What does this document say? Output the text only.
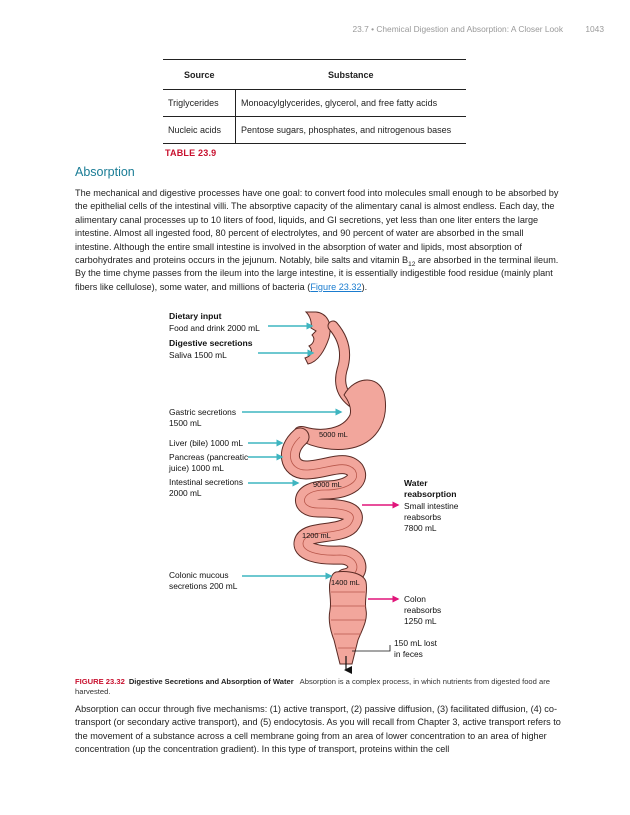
23.7 • Chemical Digestion and Absorption: A Closer Look	1043
Source	Substance
Triglycerides	Monoacylglycerides, glycerol, and free fatty acids
Nucleic acids	Pentose sugars, phosphates, and nitrogenous bases
TABLE 23.9
Absorption

The mechanical and digestive processes have one goal: to convert food into molecules small enough to be absorbed by the epithelial cells of the intestinal villi. The absorptive capacity of the alimentary canal is almost endless. Each day, the alimentary canal processes up to 10 liters of food, liquids, and GI secretions, yet less than one liter enters the large intestine. Almost all ingested food, 80 percent of electrolytes, and 90 percent of water are absorbed in the small intestine. Although the entire small intestine is involved in the absorption of water and lipids, most absorption of carbohydrates and proteins occurs in the jejunum. Notably, bile salts and vitamin $B_{12}$ are absorbed in the terminal ileum. By the time chyme passes from the ileum into the large intestine, it is essentially indigestible food residue (mainly plant fibers like cellulose), some water, and millions of bacteria (Figure 23.32).

Dietary input
Food and drink 2000 mL
Digestive secretions
Saliva 1500 mL
Gastric secretions
1500 mL
Liver (bile) 1000 mL
Pancreas (pancreatic
juice) 1000 mL
Intestinal secretions
2000 mL
Colonic mucous
secretions 200 mL
5000 mL
9000 mL
1200 mL
1400 mL
Water
reabsorption
Small intestine
reabsorbs
7800 mL
Colon
reabsorbs
1250 mL
150 mL lost
in feces
FIGURE 23.32 Digestive Secretions and Absorption of Water Absorption is a complex process, in which nutrients from digested food are harvested.

Absorption can occur through five mechanisms: (1) active transport, (2) passive diffusion, (3) facilitated diffusion, (4) co-transport (or secondary active transport), and (5) endocytosis. As you will recall from Chapter 3, active transport refers to the movement of a substance across a cell membrane going from an area of lower concentration to an area of higher concentration (up the concentration gradient). In this type of transport, proteins within the cell
